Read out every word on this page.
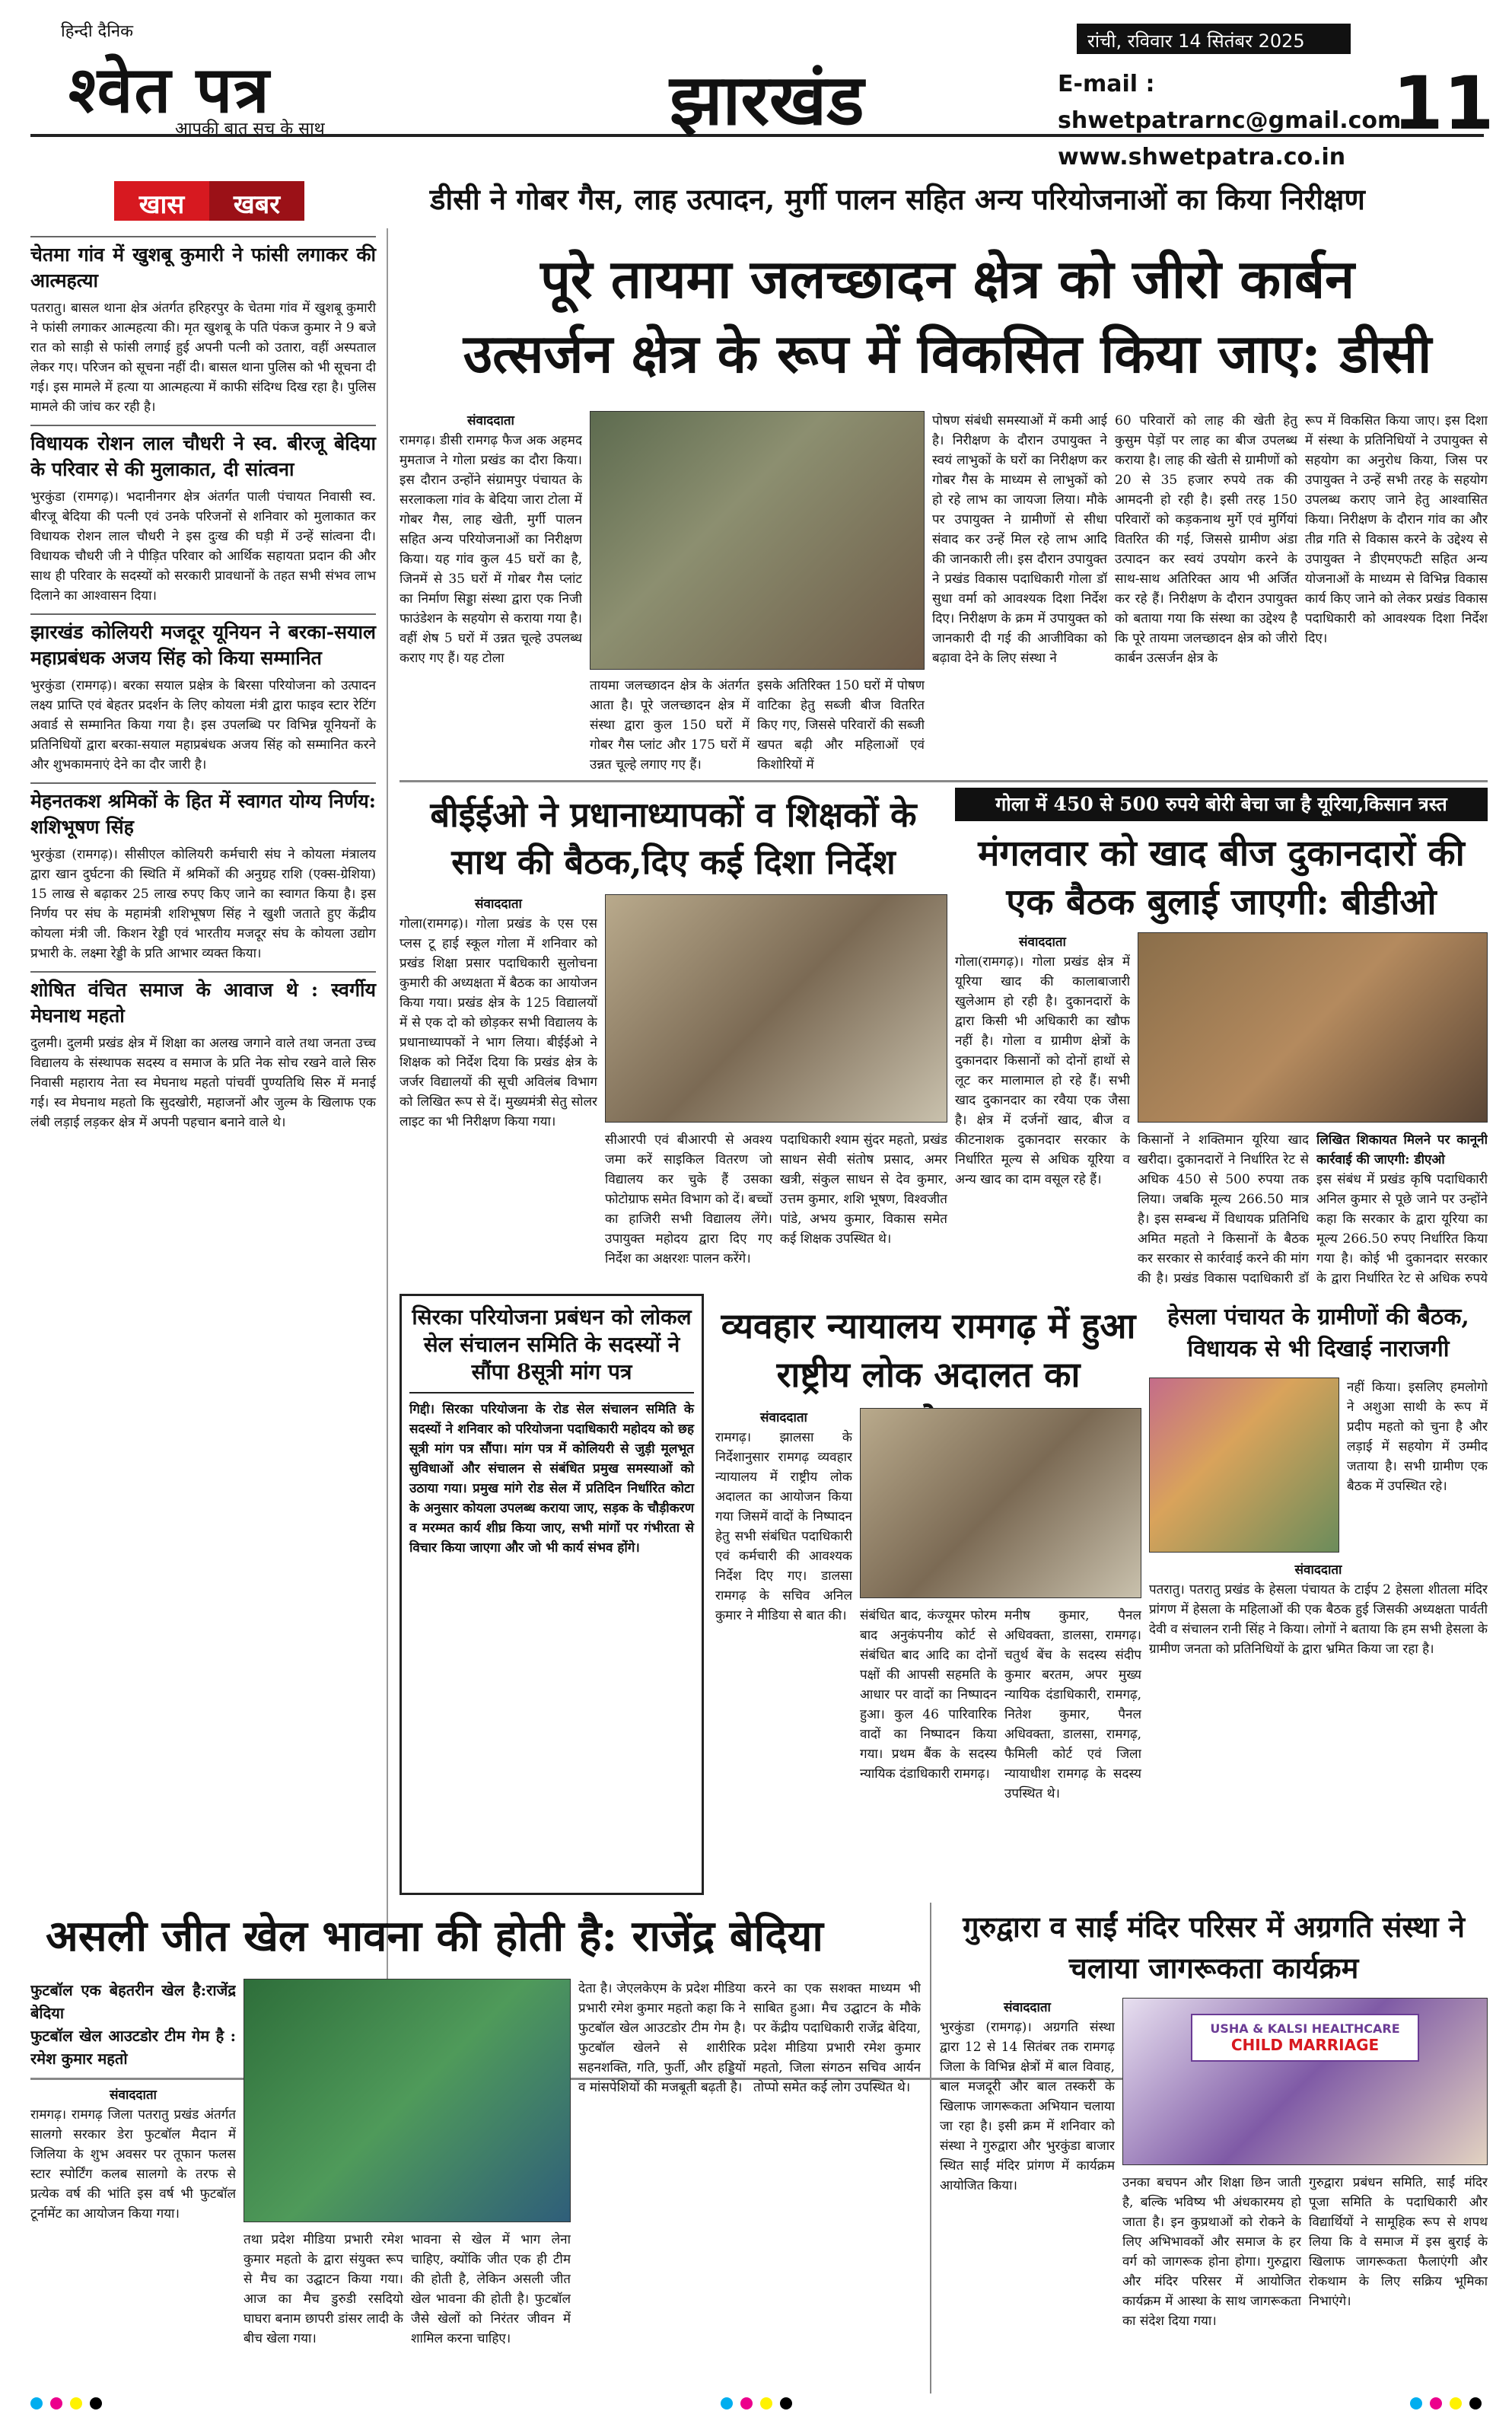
हिन्दी दैनिक
श्वेत पत्र
आपकी बात सच के साथ	झारखंड
रांची, रविवार 14 सितंबर 2025
E-mail : shwetpatrarnc@gmail.com
www.shwetpatra.co.in
11
चेतमा गांव में खुशबू कुमारी ने फांसी लगाकर की आत्महत्या

पतरातु। बासल थाना क्षेत्र अंतर्गत हरिहरपुर के चेतमा गांव में खुशबू कुमारी ने फांसी लगाकर आत्महत्या की। मृत खुशबू के पति पंकज कुमार ने 9 बजे रात को साड़ी से फांसी लगाई हुई अपनी पत्नी को उतारा, वहीं अस्पताल लेकर गए। परिजन को सूचना नहीं दी। बासल थाना पुलिस को भी सूचना दी गई। इस मामले में हत्या या आत्महत्या में काफी संदिग्ध दिख रहा है। पुलिस मामले की जांच कर रही है।

विधायक रोशन लाल चौधरी ने स्व. बीरजू बेदिया के परिवार से की मुलाकात, दी सांत्वना

भुरकुंडा (रामगढ़)। भदानीनगर क्षेत्र अंतर्गत पाली पंचायत निवासी स्व. बीरजू बेदिया की पत्नी एवं उनके परिजनों से शनिवार को मुलाकात कर विधायक रोशन लाल चौधरी ने इस दुःख की घड़ी में उन्हें सांत्वना दी। विधायक चौधरी जी ने पीड़ित परिवार को आर्थिक सहायता प्रदान की और साथ ही परिवार के सदस्यों को सरकारी प्रावधानों के तहत सभी संभव लाभ दिलाने का आश्वासन दिया।

झारखंड कोलियरी मजदूर यूनियन ने बरका-सयाल महाप्रबंधक अजय सिंह को किया सम्मानित

भुरकुंडा (रामगढ़)। बरका सयाल प्रक्षेत्र के बिरसा परियोजना को उत्पादन लक्ष्य प्राप्ति एवं बेहतर प्रदर्शन के लिए कोयला मंत्री द्वारा फाइव स्टार रेटिंग अवार्ड से सम्मानित किया गया है। इस उपलब्धि पर विभिन्न यूनियनों के प्रतिनिधियों द्वारा बरका-सयाल महाप्रबंधक अजय सिंह को सम्मानित करने और शुभकामनाएं देने का दौर जारी है।

मेहनतकश श्रमिकों के हित में स्वागत योग्य निर्णय: शशिभूषण सिंह

भुरकुंडा (रामगढ़)। सीसीएल कोलियरी कर्मचारी संघ ने कोयला मंत्रालय द्वारा खान दुर्घटना की स्थिति में श्रमिकों की अनुग्रह राशि (एक्स-ग्रेशिया) 15 लाख से बढ़ाकर 25 लाख रुपए किए जाने का स्वागत किया है। इस निर्णय पर संघ के महामंत्री शशिभूषण सिंह ने खुशी जताते हुए केंद्रीय कोयला मंत्री जी. किशन रेड्डी एवं भारतीय मजदूर संघ के कोयला उद्योग प्रभारी के. लक्ष्मा रेड्डी के प्रति आभार व्यक्त किया।

शोषित वंचित समाज के आवाज थे : स्वर्गीय मेघनाथ महतो

दुलमी। दुलमी प्रखंड क्षेत्र में शिक्षा का अलख जगाने वाले तथा जनता उच्च विद्यालय के संस्थापक सदस्य व समाज के प्रति नेक सोच रखने वाले सिरु निवासी महाराय नेता स्व मेघनाथ महतो पांचवीं पुण्यतिथि सिरु में मनाई गई। स्व मेघनाथ महतो कि सुदखोरी, महाजनों और जुल्म के खिलाफ एक लंबी लड़ाई लड़कर क्षेत्र में अपनी पहचान बनाने वाले थे।

खास	खबर	डीसी ने गोबर गैस, लाह उत्पादन, मुर्गी पालन सहित अन्य परियोजनाओं का किया निरीक्षण
पूरे तायमा जलच्छादन क्षेत्र को जीरो कार्बन
उत्सर्जन क्षेत्र के रूप में विकसित किया जाए: डीसी
संवाददाता
रामगढ़। डीसी रामगढ़ फैज अक अहमद मुमताज ने गोला प्रखंड का दौरा किया। इस दौरान उन्होंने संग्रामपुर पंचायत के सरलाकला गांव के बेदिया जारा टोला में गोबर गैस, लाह खेती, मुर्गी पालन सहित अन्य परियोजनाओं का निरीक्षण किया। यह गांव कुल 45 घरों का है, जिनमें से 35 घरों में गोबर गैस प्लांट का निर्माण सिड्डा संस्था द्वारा एक निजी फाउंडेशन के सहयोग से कराया गया है। वहीं शेष 5 घरों में उन्नत चूल्हे उपलब्ध कराए गए हैं। यह टोला
तायमा जलच्छादन क्षेत्र के अंतर्गत आता है। पूरे जलच्छादन क्षेत्र में संस्था द्वारा कुल 150 घरों में गोबर गैस प्लांट और 175 घरों में उन्नत चूल्हे लगाए गए हैं।
इसके अतिरिक्त 150 घरों में पोषण वाटिका हेतु सब्जी बीज वितरित किए गए, जिससे परिवारों की सब्जी खपत बढ़ी और महिलाओं एवं किशोरियों में
पोषण संबंधी समस्याओं में कमी आई है। निरीक्षण के दौरान उपायुक्त ने स्वयं लाभुकों के घरों का निरीक्षण कर गोबर गैस के माध्यम से लाभुकों को हो रहे लाभ का जायजा लिया। मौके पर उपायुक्त ने ग्रामीणों से सीधा संवाद कर उन्हें मिल रहे लाभ आदि की जानकारी ली। इस दौरान उपायुक्त ने प्रखंड विकास पदाधिकारी गोला डॉ सुधा वर्मा को आवश्यक दिशा निर्देश दिए। निरीक्षण के क्रम में उपायुक्त को जानकारी दी गई की आजीविका को बढ़ावा देने के लिए संस्था ने
60 परिवारों को लाह की खेती हेतु कुसुम पेड़ों पर लाह का बीज उपलब्ध कराया है। लाह की खेती से ग्रामीणों को 20 से 35 हजार रुपये तक की आमदनी हो रही है। इसी तरह 150 परिवारों को कड़कनाथ मुर्गे एवं मुर्गियां वितरित की गई, जिससे ग्रामीण अंडा उत्पादन कर स्वयं उपयोग करने के साथ-साथ अतिरिक्त आय भी अर्जित कर रहे हैं। निरीक्षण के दौरान उपायुक्त को बताया गया कि संस्था का उद्देश्य है कि पूरे तायमा जलच्छादन क्षेत्र को जीरो कार्बन उत्सर्जन क्षेत्र के
रूप में विकसित किया जाए। इस दिशा में संस्था के प्रतिनिधियों ने उपायुक्त से सहयोग का अनुरोध किया, जिस पर उपायुक्त ने उन्हें सभी तरह के सहयोग उपलब्ध कराए जाने हेतु आश्वासित किया। निरीक्षण के दौरान गांव का और तीव्र गति से विकास करने के उद्देश्य से उपायुक्त ने डीएमएफटी सहित अन्य योजनाओं के माध्यम से विभिन्न विकास कार्य किए जाने को लेकर प्रखंड विकास पदाधिकारी को आवश्यक दिशा निर्देश दिए।
बीईईओ ने प्रधानाध्यापकों व शिक्षकों के साथ की बैठक,दिए कई दिशा निर्देश
संवाददाता
गोला(रामगढ़)। गोला प्रखंड के एस एस प्लस टू हाई स्कूल गोला में शनिवार को प्रखंड शिक्षा प्रसार पदाधिकारी सुलोचना कुमारी की अध्यक्षता में बैठक का आयोजन किया गया। प्रखंड क्षेत्र के 125 विद्यालयों में से एक दो को छोड़कर सभी विद्यालय के प्रधानाध्यापकों ने भाग लिया। बीईईओ ने शिक्षक को निर्देश दिया कि प्रखंड क्षेत्र के जर्जर विद्यालयों की सूची अविलंब विभाग को लिखित रूप से दें। मुख्यमंत्री सेतु सोलर लाइट का भी निरीक्षण किया गया।
सीआरपी एवं बीआरपी से अवश्य जमा करें साइकिल वितरण जो विद्यालय कर चुके हैं उसका फोटोग्राफ समेत विभाग को दें। बच्चों का हाजिरी सभी विद्यालय लेंगे। उपायुक्त महोदय द्वारा दिए गए निर्देश का अक्षरशः पालन करेंगे।
पदाधिकारी श्याम सुंदर महतो, प्रखंड साधन सेवी संतोष प्रसाद, अमर खत्री, संकुल साधन से देव कुमार, उत्तम कुमार, शशि भूषण, विश्वजीत पांडे, अभय कुमार, विकास समेत कई शिक्षक उपस्थित थे।
गोला में 450 से 500 रुपये बोरी बेचा जा है यूरिया,किसान त्रस्त
मंगलवार को खाद बीज दुकानदारों की एक बैठक बुलाई जाएगी: बीडीओ
संवाददाता
गोला(रामगढ़)। गोला प्रखंड क्षेत्र में यूरिया खाद की कालाबाजारी खुलेआम हो रही है। दुकानदारों के द्वारा किसी भी अधिकारी का खौफ नहीं है। गोला व ग्रामीण क्षेत्रों के दुकानदार किसानों को दोनों हाथों से लूट कर मालामाल हो रहे हैं। सभी खाद दुकानदार का रवैया एक जैसा है। क्षेत्र में दर्जनों खाद, बीज व कीटनाशक दुकानदार सरकार के निर्धारित मूल्य से अधिक यूरिया व अन्य खाद का दाम वसूल रहे हैं।
किसानों ने शक्तिमान यूरिया खाद खरीदा। दुकानदारों ने निर्धारित रेट से अधिक 450 से 500 रुपया तक लिया। जबकि मूल्य 266.50 मात्र है। इस सम्बन्ध में विधायक प्रतिनिधि अमित महतो ने किसानों के बैठक कर सरकार से कार्रवाई करने की मांग की है। प्रखंड विकास पदाधिकारी डॉ
लिखित शिकायत मिलने पर कानूनी कार्रवाई की जाएगी: डीएओ
इस संबंध में प्रखंड कृषि पदाधिकारी अनिल कुमार से पूछे जाने पर उन्होंने कहा कि सरकार के द्वारा यूरिया का मूल्य 266.50 रुपए निर्धारित किया गया है। कोई भी दुकानदार सरकार के द्वारा निर्धारित रेट से अधिक रुपये
सिरका परियोजना प्रबंधन को लोकल सेल संचालन समिति के सदस्यों ने सौंपा 8सूत्री मांग पत्र

गिद्दी। सिरका परियोजना के रोड सेल संचालन समिति के सदस्यों ने शनिवार को परियोजना पदाधिकारी महोदय को छह सूत्री मांग पत्र सौंपा। मांग पत्र में कोलियरी से जुड़ी मूलभूत सुविधाओं और संचालन से संबंधित प्रमुख समस्याओं को उठाया गया। प्रमुख मांगे रोड सेल में प्रतिदिन निर्धारित कोटा के अनुसार कोयला उपलब्ध कराया जाए, सड़क के चौड़ीकरण व मरम्मत कार्य शीघ्र किया जाए, सभी मांगों पर गंभीरता से विचार किया जाएगा और जो भी कार्य संभव होंगे।

व्यवहार न्यायालय रामगढ़ में हुआ राष्ट्रीय लोक अदालत का
संवाददाता
रामगढ़। झालसा के निर्देशानुसार रामगढ़ व्यवहार न्यायालय में राष्ट्रीय लोक अदालत का आयोजन किया गया जिसमें वादों के निष्पादन हेतु सभी संबंधित पदाधिकारी एवं कर्मचारी की आवश्यक निर्देश दिए गए। डालसा रामगढ़ के सचिव अनिल कुमार ने मीडिया से बात की।	संबंधित बाद, कंज्यूमर फोरम बाद अनुकंपनीय कोर्ट से संबंधित बाद आदि का दोनों पक्षों की आपसी सहमति के आधार पर वादों का निष्पादन हुआ। कुल 46 पारिवारिक वादों का निष्पादन किया गया। प्रथम बैंक के सदस्य न्यायिक दंडाधिकारी रामगढ़।
मनीष कुमार, पैनल अधिवक्ता, डालसा, रामगढ़। चतुर्थ बेंच के सदस्य संदीप कुमार बरतम, अपर मुख्य न्यायिक दंडाधिकारी, रामगढ़, नितेश कुमार, पैनल अधिवक्ता, डालसा, रामगढ़, फैमिली कोर्ट एवं जिला न्यायाधीश रामगढ़ के सदस्य उपस्थित थे।
हेसला पंचायत के ग्रामीणों की बैठक, विधायक से भी दिखाई नाराजगी
नहीं किया। इसलिए हमलोगो ने अशुआ साथी के रूप में प्रदीप महतो को चुना है और लड़ाई में सहयोग में उम्मीद जताया है। सभी ग्रामीण एक बैठक में उपस्थित रहे।
संवाददाता
पतरातु। पतरातु प्रखंड के हेसला पंचायत के टाईप 2 हेसला शीतला मंदिर प्रांगण में हेसला के महिलाओं की एक बैठक हुई जिसकी अध्यक्षता पार्वती देवी व संचालन रानी सिंह ने किया। लोगों ने बताया कि हम सभी हेसला के ग्रामीण जनता को प्रतिनिधियों के द्वारा भ्रमित किया जा रहा है।
असली जीत खेल भावना की होती है: राजेंद्र बेदिया
फुटबॉल एक बेहतरीन खेल है:राजेंद्र बेदिया
फुटबॉल खेल आउटडोर टीम गेम है : रमेश कुमार महतो
संवाददाता
रामगढ़। रामगढ़ जिला पतरातु प्रखंड अंतर्गत सालगो सरकार डेरा फुटबॉल मैदान में जिलिया के शुभ अवसर पर तूफान फलस स्टार स्पोर्टिंग कलब सालगो के तरफ से प्रत्येक वर्ष की भांति इस वर्ष भी फुटबॉल टूर्नामेंट का आयोजन किया गया।
तथा प्रदेश मीडिया प्रभारी रमेश कुमार महतो के द्वारा संयुक्त रूप से मैच का उद्घाटन किया गया। आज का मैच डुरुडी रसदियो घाघरा बनाम छापरी डांसर लादी के बीच खेला गया।
भावना से खेल में भाग लेना चाहिए, क्योंकि जीत एक ही टीम की होती है, लेकिन असली जीत खेल भावना की होती है। फुटबॉल जैसे खेलों को निरंतर जीवन में शामिल करना चाहिए।
देता है। जेएलकेएम के प्रदेश मीडिया प्रभारी रमेश कुमार महतो कहा कि ने फुटबॉल खेल आउटडोर टीम गेम है। फुटबॉल खेलने से शारीरिक सहनशक्ति, गति, फुर्ती, और हड्डियों व मांसपेशियों की मजबूती बढ़ती है।
करने का एक सशक्त माध्यम भी साबित हुआ। मैच उद्घाटन के मौके पर केंद्रीय पदाधिकारी राजेंद्र बेदिया, प्रदेश मीडिया प्रभारी रमेश कुमार महतो, जिला संगठन सचिव आर्यन तोप्पो समेत कई लोग उपस्थित थे।
गुरुद्वारा व साईं मंदिर परिसर में अग्रगति संस्था ने चलाया जागरूकता कार्यक्रम
संवाददाता
भुरकुंडा (रामगढ़)। अग्रगति संस्था द्वारा 12 से 14 सितंबर तक रामगढ़ जिला के विभिन्न क्षेत्रों में बाल विवाह, बाल मजदूरी और बाल तस्करी के खिलाफ जागरूकता अभियान चलाया जा रहा है। इसी क्रम में शनिवार को संस्था ने गुरुद्वारा और भुरकुंडा बाजार स्थित साईं मंदिर प्रांगण में कार्यक्रम आयोजित किया।
USHA & KALSI HEALTHCARE
CHILD MARRIAGE
उनका बचपन और शिक्षा छिन जाती है, बल्कि भविष्य भी अंधकारमय हो जाता है। इन कुप्रथाओं को रोकने के लिए अभिभावकों और समाज के हर वर्ग को जागरूक होना होगा। गुरुद्वारा और मंदिर परिसर में आयोजित कार्यक्रम में आस्था के साथ जागरूकता का संदेश दिया गया।
गुरुद्वारा प्रबंधन समिति, साईं मंदिर पूजा समिति के पदाधिकारी और विद्यार्थियों ने सामूहिक रूप से शपथ लिया कि वे समाज में इस बुराई के खिलाफ जागरूकता फैलाएंगी और रोकथाम के लिए सक्रिय भूमिका निभाएंगे।
